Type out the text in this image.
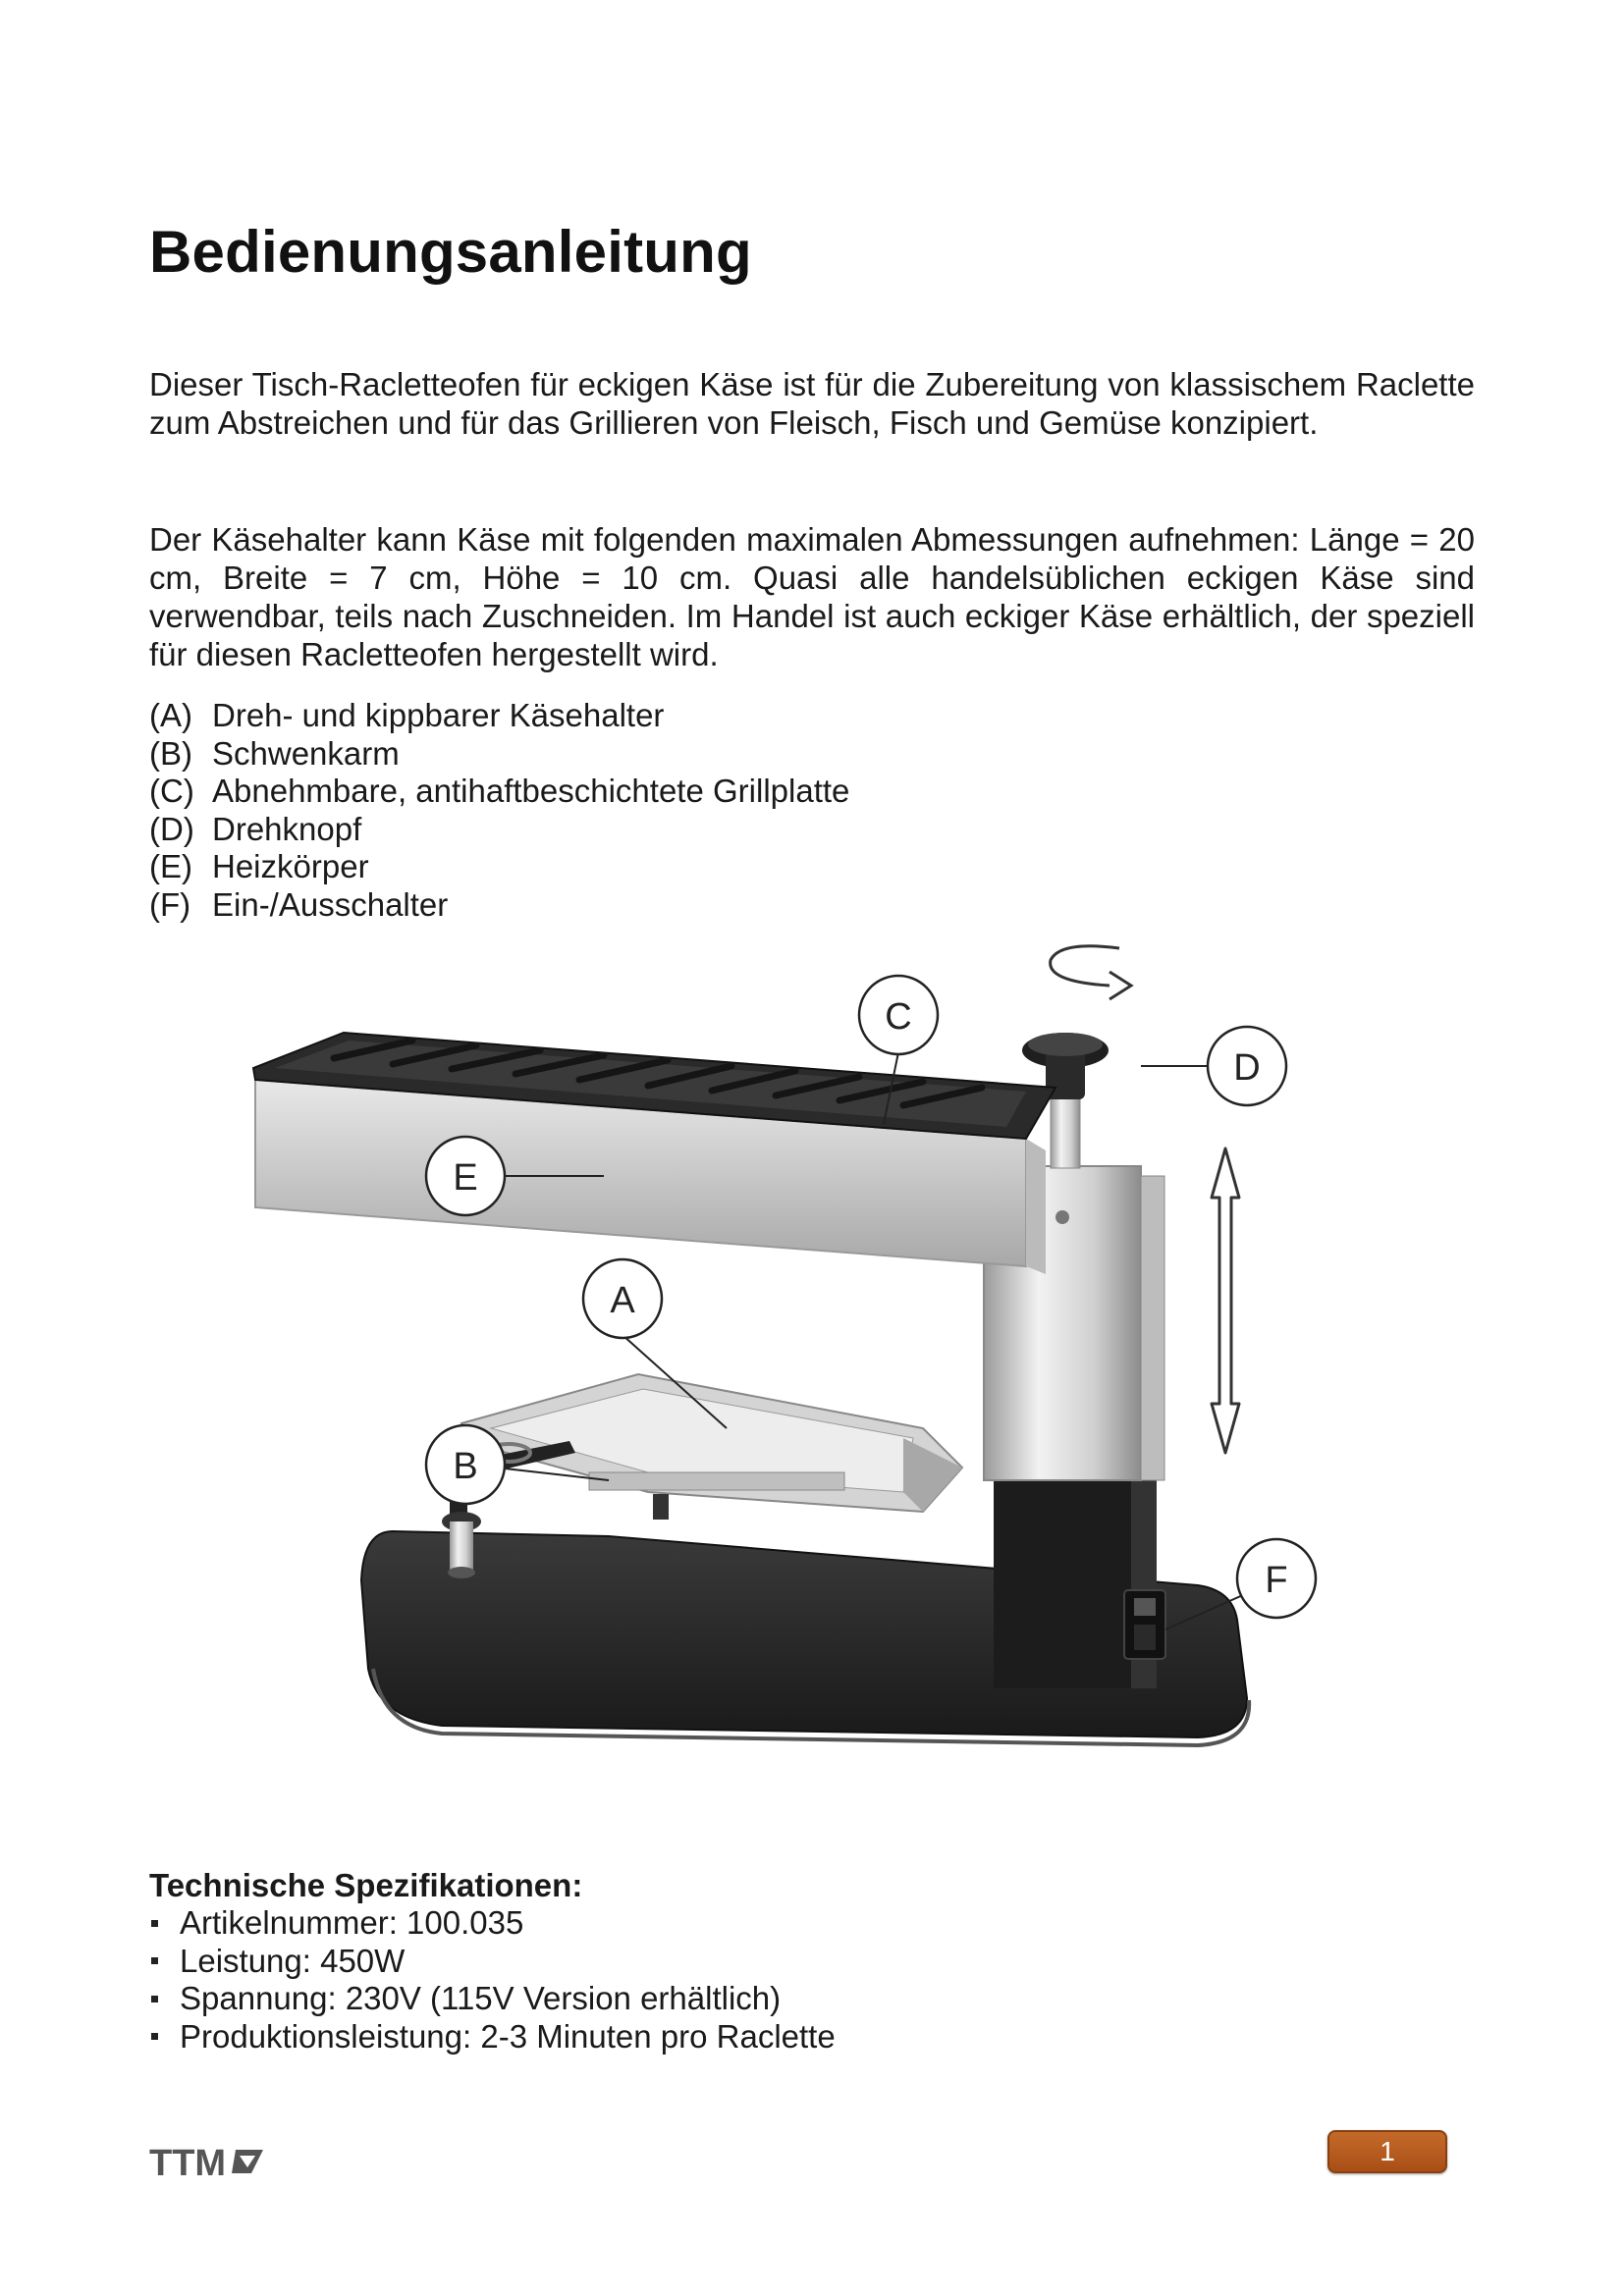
Bedienungsanleitung

Dieser Tisch-Racletteofen für eckigen Käse ist für die Zubereitung von klassischem Raclette zum Abstreichen und für das Grillieren von Fleisch, Fisch und Gemüse konzipiert.

Der Käsehalter kann Käse mit folgenden maximalen Abmessungen aufnehmen: Länge = 20 cm, Breite = 7 cm, Höhe = 10 cm. Quasi alle handelsüblichen eckigen Käse sind verwendbar, teils nach Zuschneiden. Im Handel ist auch eckiger Käse erhältlich, der speziell für diesen Racletteofen hergestellt wird.

(A) Dreh- und kippbarer Käsehalter
(B) Schwenkarm
(C) Abnehmbare, antihaftbeschichtete Grillplatte
(D) Drehknopf
(E) Heizkörper
(F) Ein-/Ausschalter
C
D
E
A
B
F

Technische Spezifikationen:

Artikelnummer: 100.035
Leistung: 450W
Spannung: 230V (115V Version erhältlich)
Produktionsleistung: 2-3 Minuten pro Raclette
TTM	1
